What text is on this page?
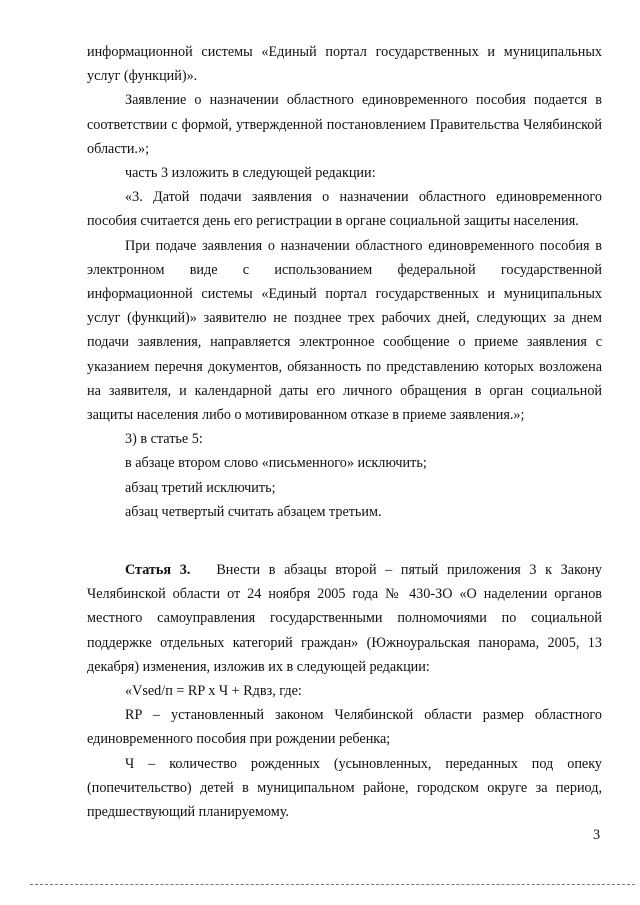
информационной системы «Единый портал государственных и муниципальных услуг (функций)».

Заявление о назначении областного единовременного пособия подается в соответствии с формой, утвержденной постановлением Правительства Челябинской области.»;

часть 3 изложить в следующей редакции:

«3. Датой подачи заявления о назначении областного единовременного пособия считается день его регистрации в органе социальной защиты населения.

При подаче заявления о назначении областного единовременного пособия в электронном виде с использованием федеральной государственной информационной системы «Единый портал государственных и муниципальных услуг (функций)» заявителю не позднее трех рабочих дней, следующих за днем подачи заявления, направляется электронное сообщение о приеме заявления с указанием перечня документов, обязанность по представлению которых возложена на заявителя, и календарной даты его личного обращения в орган социальной защиты населения либо о мотивированном отказе в приеме заявления.»;

3) в статье 5:

в абзаце втором слово «письменного» исключить;

абзац третий исключить;

абзац четвертый считать абзацем третьим.

Статья 3. Внести в абзацы второй – пятый приложения 3 к Закону Челябинской области от 24 ноября 2005 года № 430-ЗО «О наделении органов местного самоуправления государственными полномочиями по социальной поддержке отдельных категорий граждан» (Южноуральская панорама, 2005, 13 декабря) изменения, изложив их в следующей редакции:

«Vsed/п = RP х Ч + Rдвз, где:

RP – установленный законом Челябинской области размер областного единовременного пособия при рождении ребенка;

Ч – количество рожденных (усыновленных, переданных под опеку (попечительство) детей в муниципальном районе, городском округе за период, предшествующий планируемому.

3
